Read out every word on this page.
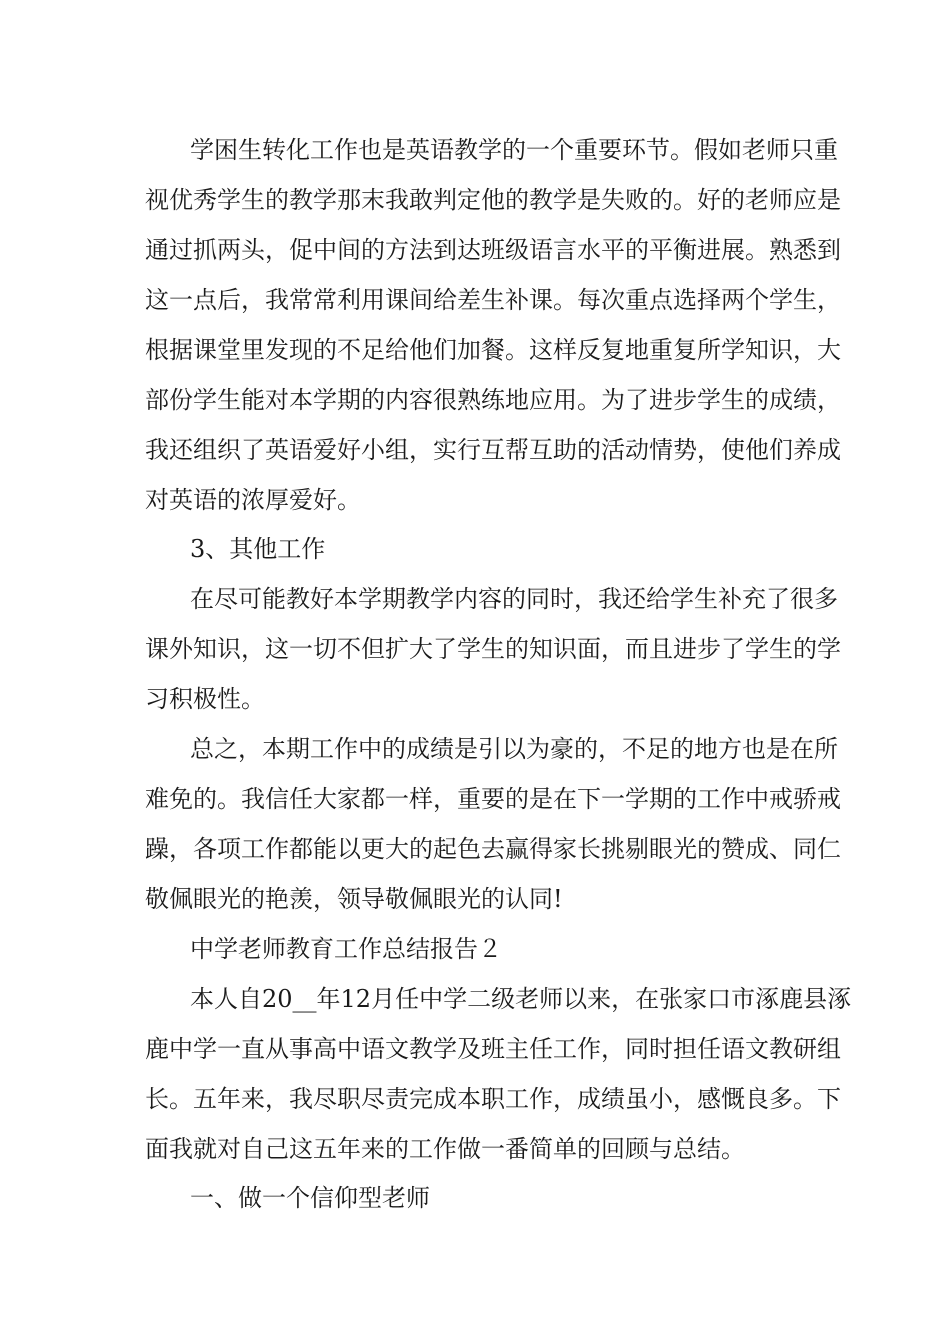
学困生转化工作也是英语教学的一个重要环节。假如老师只重
视优秀学生的教学那末我敢判定他的教学是失败的。好的老师应是
通过抓两头，促中间的方法到达班级语言水平的平衡进展。熟悉到
这一点后，我常常利用课间给差生补课。每次重点选择两个学生，
根据课堂里发现的不足给他们加餐。这样反复地重复所学知识，大
部份学生能对本学期的内容很熟练地应用。为了进步学生的成绩，
我还组织了英语爱好小组，实行互帮互助的活动情势，使他们养成
对英语的浓厚爱好。
3、其他工作
在尽可能教好本学期教学内容的同时，我还给学生补充了很多
课外知识，这一切不但扩大了学生的知识面，而且进步了学生的学
习积极性。
总之，本期工作中的成绩是引以为豪的，不足的地方也是在所
难免的。我信任大家都一样，重要的是在下一学期的工作中戒骄戒
躁，各项工作都能以更大的起色去赢得家长挑剔眼光的赞成、同仁
敬佩眼光的艳羡，领导敬佩眼光的认同!
中学老师教育工作总结报告２
本人自20__年12月任中学二级老师以来，在张家口市涿鹿县涿
鹿中学一直从事高中语文教学及班主任工作，同时担任语文教研组
长。五年来，我尽职尽责完成本职工作，成绩虽小，感慨良多。下
面我就对自己这五年来的工作做一番简单的回顾与总结。
一、做一个信仰型老师
